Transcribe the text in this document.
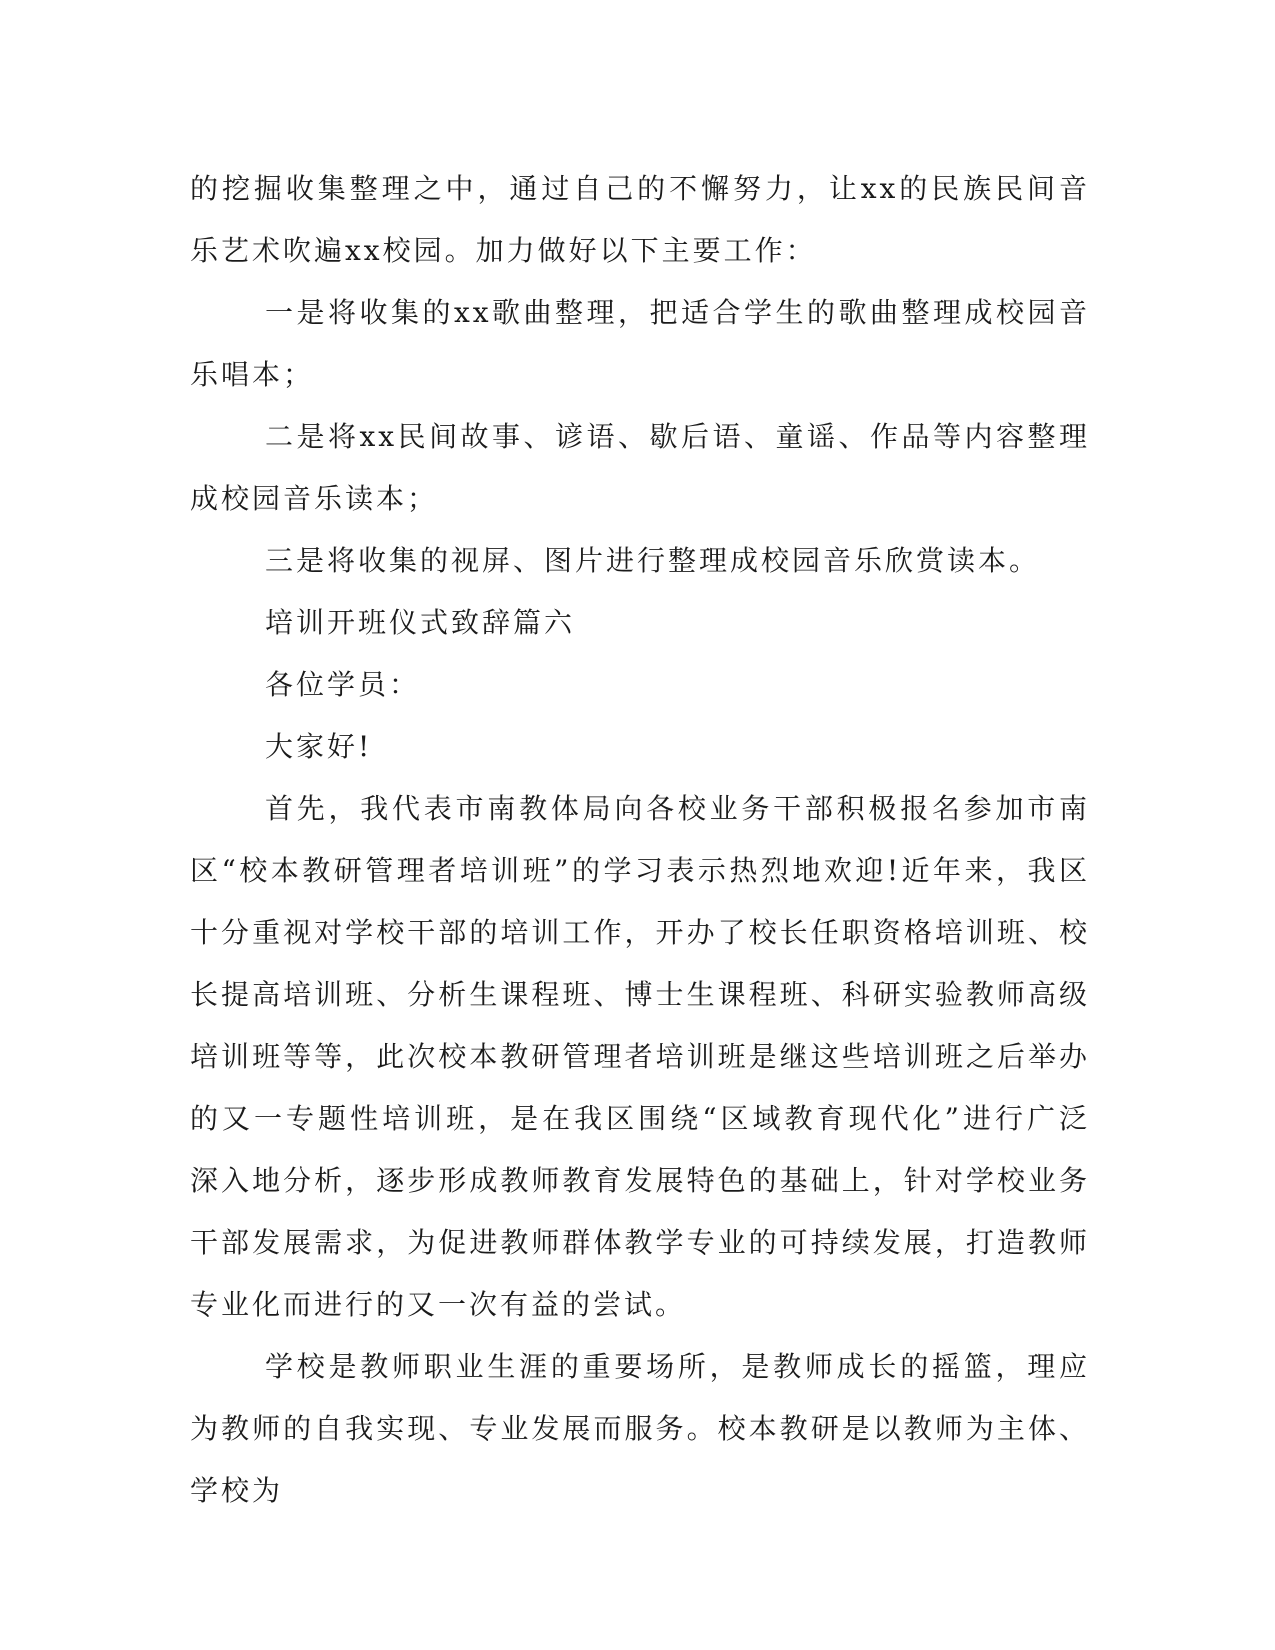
的挖掘收集整理之中，通过自己的不懈努力，让xx的民族民间音乐艺术吹遍xx校园。加力做好以下主要工作：

一是将收集的xx歌曲整理，把适合学生的歌曲整理成校园音乐唱本；

二是将xx民间故事、谚语、歇后语、童谣、作品等内容整理成校园音乐读本；

三是将收集的视屏、图片进行整理成校园音乐欣赏读本。

培训开班仪式致辞篇六

各位学员：

大家好!

首先，我代表市南教体局向各校业务干部积极报名参加市南区“校本教研管理者培训班”的学习表示热烈地欢迎!近年来，我区十分重视对学校干部的培训工作，开办了校长任职资格培训班、校长提高培训班、分析生课程班、博士生课程班、科研实验教师高级培训班等等，此次校本教研管理者培训班是继这些培训班之后举办的又一专题性培训班，是在我区围绕“区域教育现代化”进行广泛深入地分析，逐步形成教师教育发展特色的基础上，针对学校业务干部发展需求，为促进教师群体教学专业的可持续发展，打造教师专业化而进行的又一次有益的尝试。

学校是教师职业生涯的重要场所，是教师成长的摇篮，理应为教师的自我实现、专业发展而服务。校本教研是以教师为主体、学校为
